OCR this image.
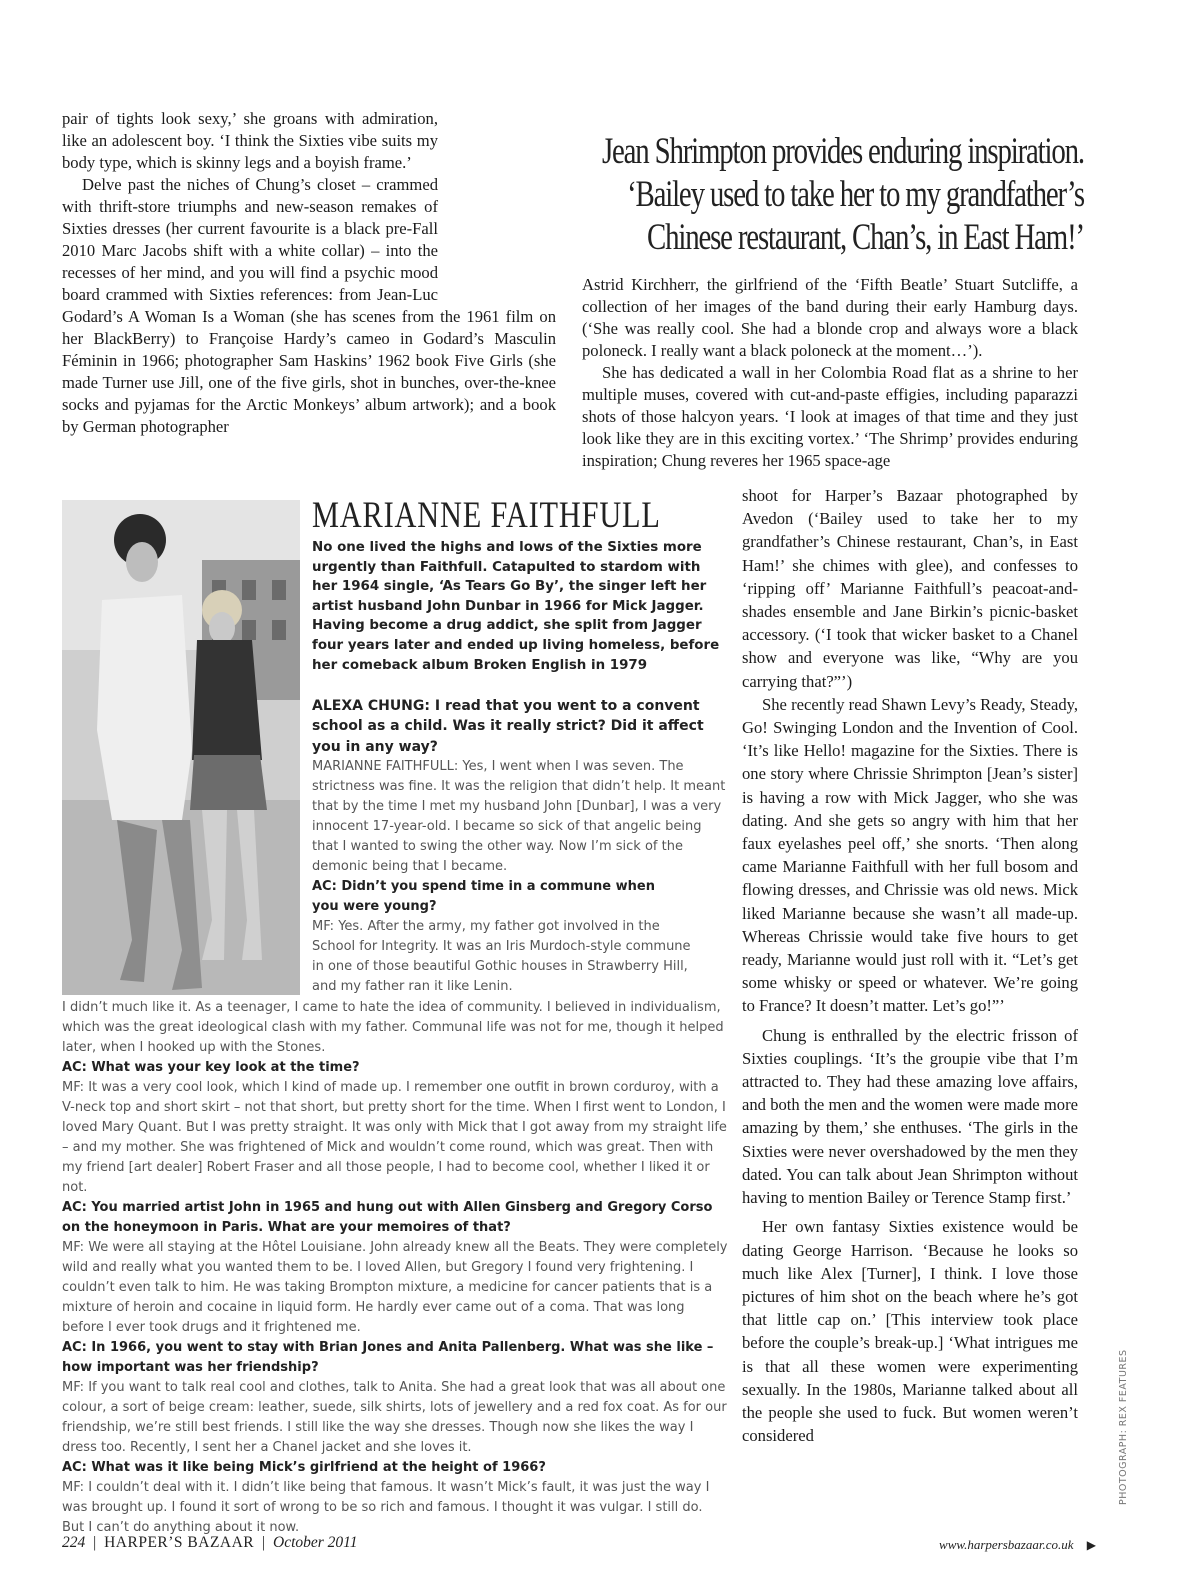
Jean Shrimpton provides enduring inspiration.
‘Bailey used to take her to my grandfather’s
Chinese restaurant, Chan’s, in East Ham!’

pair of tights look sexy,’ she groans with admiration, like an adolescent boy. ‘I think the Sixties vibe suits my body type, which is skinny legs and a boyish frame.’

Delve past the niches of Chung’s closet – crammed with thrift-store triumphs and new-season remakes of Sixties dresses (her current favourite is a black pre-Fall 2010 Marc Jacobs shift with a white collar) – into the recesses of her mind, and you will find a psychic mood board crammed with Sixties references: from Jean-Luc Godard’s A Woman Is a Woman (she has scenes from the 1961 film on her BlackBerry) to Françoise Hardy’s cameo in Godard’s Masculin Féminin in 1966; photographer Sam Haskins’ 1962 book Five Girls (she made Turner use Jill, one of the five girls, shot in bunches, over-the-knee socks and pyjamas for the Arctic Monkeys’ album artwork); and a book by German photographer

Astrid Kirchherr, the girlfriend of the ‘Fifth Beatle’ Stuart Sutcliffe, a collection of her images of the band during their early Hamburg days. (‘She was really cool. She had a blonde crop and always wore a black poloneck. I really want a black poloneck at the moment…’).

She has dedicated a wall in her Colombia Road flat as a shrine to her multiple muses, covered with cut-and-paste effigies, including paparazzi shots of those halcyon years. ‘I look at images of that time and they just look like they are in this exciting vortex.’ ‘The Shrimp’ provides enduring inspiration; Chung reveres her 1965 space-age

shoot for Harper’s Bazaar photographed by Avedon (‘Bailey used to take her to my grandfather’s Chinese restaurant, Chan’s, in East Ham!’ she chimes with glee), and confesses to ‘ripping off’ Marianne Faithfull’s peacoat-and-shades ensemble and Jane Birkin’s picnic-basket accessory. (‘I took that wicker basket to a Chanel show and everyone was like, “Why are you carrying that?”’)

She recently read Shawn Levy’s Ready, Steady, Go! Swinging London and the Invention of Cool. ‘It’s like Hello! magazine for the Sixties. There is one story where Chrissie Shrimpton [Jean’s sister] is having a row with Mick Jagger, who she was dating. And she gets so angry with him that her faux eyelashes peel off,’ she snorts. ‘Then along came Marianne Faithfull with her full bosom and flowing dresses, and Chrissie was old news. Mick liked Marianne because she wasn’t all made-up. Whereas Chrissie would take five hours to get ready, Marianne would just roll with it. “Let’s get some whisky or speed or whatever. We’re going to France? It doesn’t matter. Let’s go!”’

Chung is enthralled by the electric frisson of Sixties couplings. ‘It’s the groupie vibe that I’m attracted to. They had these amazing love affairs, and both the men and the women were made more amazing by them,’ she enthuses. ‘The girls in the Sixties were never overshadowed by the men they dated. You can talk about Jean Shrimpton without having to mention Bailey or Terence Stamp first.’

Her own fantasy Sixties existence would be dating George Harrison. ‘Because he looks so much like Alex [Turner], I think. I love those pictures of him shot on the beach where he’s got that little cap on.’ [This interview took place before the couple’s break-up.] ‘What intrigues me is that all these women were experimenting sexually. In the 1980s, Marianne talked about all the people she used to fuck. But women weren’t considered

MARIANNE FAITHFULL
No one lived the highs and lows of the Sixties more urgently than Faithfull. Catapulted to stardom with her 1964 single, ‘As Tears Go By’, the singer left her artist husband John Dunbar in 1966 for Mick Jagger. Having become a drug addict, she split from Jagger four years later and ended up living homeless, before her comeback album Broken English in 1979

ALEXA CHUNG: I read that you went to a convent school as a child. Was it really strict? Did it affect you in any way?

MARIANNE FAITHFULL: Yes, I went when I was seven. The strictness was fine. It was the religion that didn’t help. It meant that by the time I met my husband John [Dunbar], I was a very innocent 17-year-old. I became so sick of that angelic being that I wanted to swing the other way. Now I’m sick of the demonic being that I became.

AC: Didn’t you spend time in a commune when you were young?

MF: Yes. After the army, my father got involved in the School for Integrity. It was an Iris Murdoch-style commune in one of those beautiful Gothic houses in Strawberry Hill, and my father ran it like Lenin.

I didn’t much like it. As a teenager, I came to hate the idea of community. I believed in individualism, which was the great ideological clash with my father. Communal life was not for me, though it helped later, when I hooked up with the Stones.

AC: What was your key look at the time?

MF: It was a very cool look, which I kind of made up. I remember one outfit in brown corduroy, with a V-neck top and short skirt – not that short, but pretty short for the time. When I first went to London, I loved Mary Quant. But I was pretty straight. It was only with Mick that I got away from my straight life – and my mother. She was frightened of Mick and wouldn’t come round, which was great. Then with my friend [art dealer] Robert Fraser and all those people, I had to become cool, whether I liked it or not.

AC: You married artist John in 1965 and hung out with Allen Ginsberg and Gregory Corso on the honeymoon in Paris. What are your memoires of that?

MF: We were all staying at the Hôtel Louisiane. John already knew all the Beats. They were completely wild and really what you wanted them to be. I loved Allen, but Gregory I found very frightening. I couldn’t even talk to him. He was taking Brompton mixture, a medicine for cancer patients that is a mixture of heroin and cocaine in liquid form. He hardly ever came out of a coma. That was long before I ever took drugs and it frightened me.

AC: In 1966, you went to stay with Brian Jones and Anita Pallenberg. What was she like – how important was her friendship?

MF: If you want to talk real cool and clothes, talk to Anita. She had a great look that was all about one colour, a sort of beige cream: leather, suede, silk shirts, lots of jewellery and a red fox coat. As for our friendship, we’re still best friends. I still like the way she dresses. Though now she likes the way I dress too. Recently, I sent her a Chanel jacket and she loves it.

AC: What was it like being Mick’s girlfriend at the height of 1966?

MF: I couldn’t deal with it. I didn’t like being that famous. It wasn’t Mick’s fault, it was just the way I was brought up. I found it sort of wrong to be so rich and famous. I thought it was vulgar. I still do. But I can’t do anything about it now.

PHOTOGRAPH: REX FEATURES
224 | HARPER’S BAZAAR | October 2011	www.harpersbazaar.co.uk ▶
